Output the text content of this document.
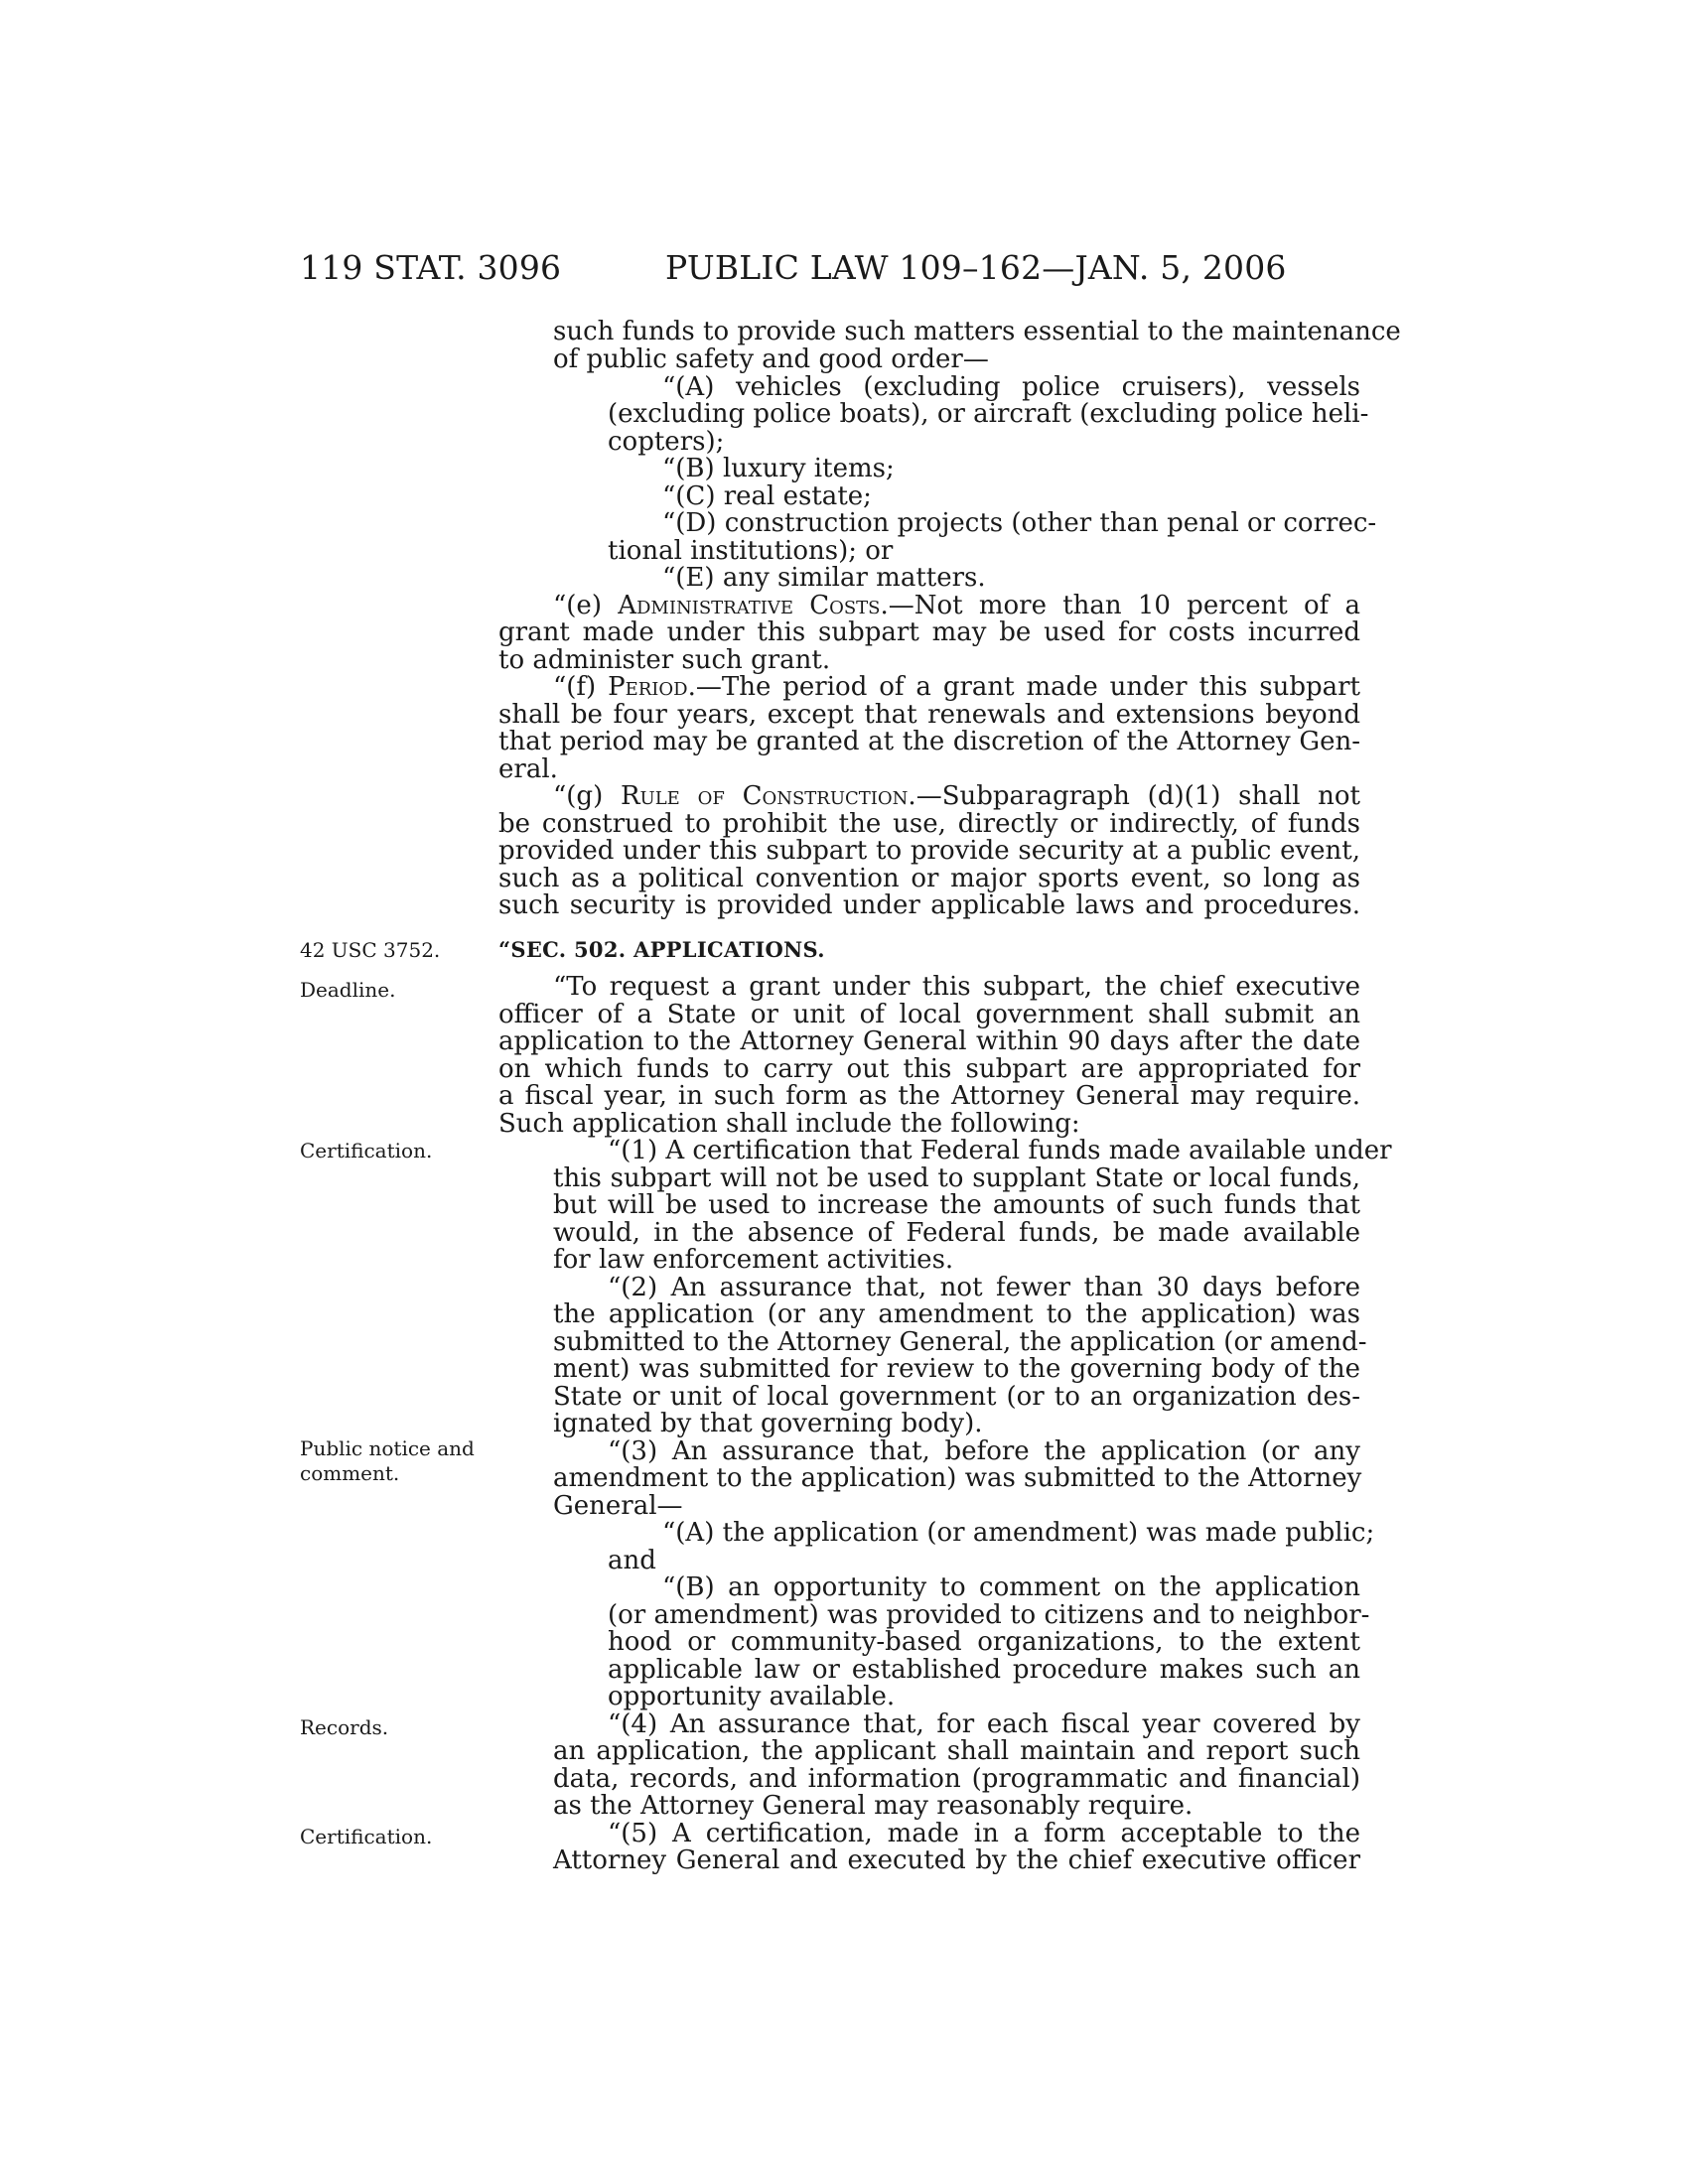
119 STAT. 3096	PUBLIC LAW 109–162—JAN. 5, 2006
42 USC 3752.
Deadline.
Certification.
Public notice and
comment.
Records.
Certification.
such funds to provide such matters essential to the maintenance
of public safety and good order—
“(A) vehicles (excluding police cruisers), vessels
(excluding police boats), or aircraft (excluding police heli-
copters);
“(B) luxury items;
“(C) real estate;
“(D) construction projects (other than penal or correc-
tional institutions); or
“(E) any similar matters.
“(e) Administrative Costs.—Not more than 10 percent of a
grant made under this subpart may be used for costs incurred
to administer such grant.
“(f) Period.—The period of a grant made under this subpart
shall be four years, except that renewals and extensions beyond
that period may be granted at the discretion of the Attorney Gen-
eral.
“(g) Rule of Construction.—Subparagraph (d)(1) shall not
be construed to prohibit the use, directly or indirectly, of funds
provided under this subpart to provide security at a public event,
such as a political convention or major sports event, so long as
such security is provided under applicable laws and procedures.
“SEC. 502. APPLICATIONS.
“To request a grant under this subpart, the chief executive
officer of a State or unit of local government shall submit an
application to the Attorney General within 90 days after the date
on which funds to carry out this subpart are appropriated for
a fiscal year, in such form as the Attorney General may require.
Such application shall include the following:
“(1) A certification that Federal funds made available under
this subpart will not be used to supplant State or local funds,
but will be used to increase the amounts of such funds that
would, in the absence of Federal funds, be made available
for law enforcement activities.
“(2) An assurance that, not fewer than 30 days before
the application (or any amendment to the application) was
submitted to the Attorney General, the application (or amend-
ment) was submitted for review to the governing body of the
State or unit of local government (or to an organization des-
ignated by that governing body).
“(3) An assurance that, before the application (or any
amendment to the application) was submitted to the Attorney
General—
“(A) the application (or amendment) was made public;
and
“(B) an opportunity to comment on the application
(or amendment) was provided to citizens and to neighbor-
hood or community-based organizations, to the extent
applicable law or established procedure makes such an
opportunity available.
“(4) An assurance that, for each fiscal year covered by
an application, the applicant shall maintain and report such
data, records, and information (programmatic and financial)
as the Attorney General may reasonably require.
“(5) A certification, made in a form acceptable to the
Attorney General and executed by the chief executive officer
